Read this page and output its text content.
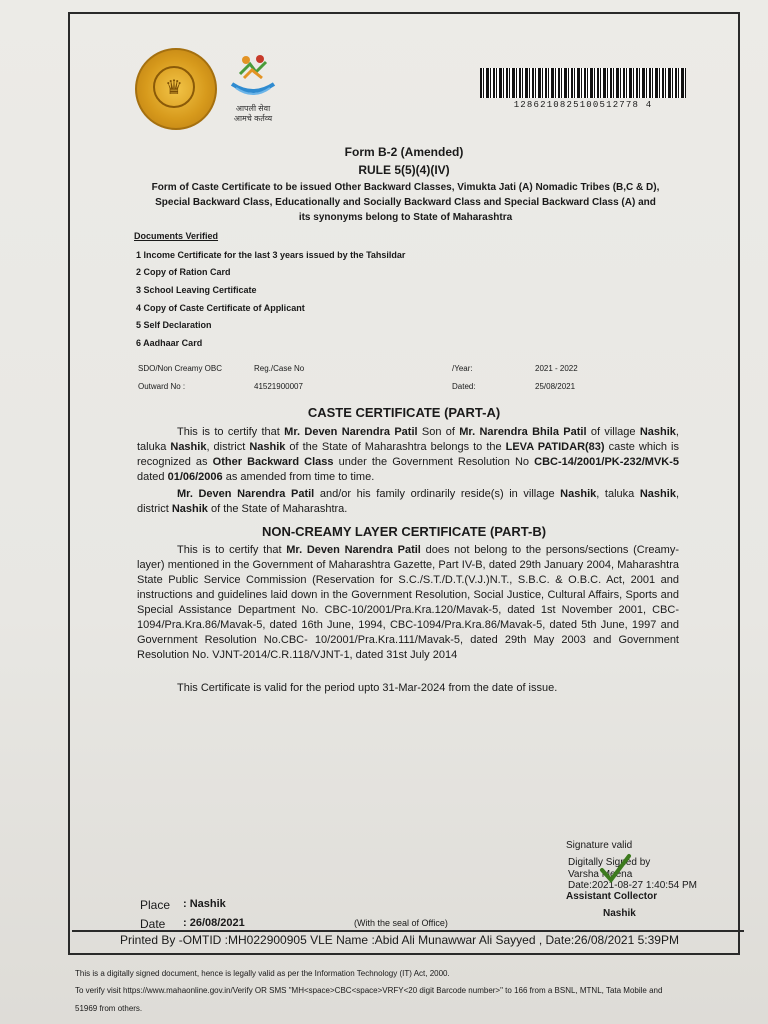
♛
आपली सेवा
आमचे कर्तव्य
1286210825100512778 4
Form B-2 (Amended)
RULE 5(5)(4)(IV)
Form of Caste Certificate to be issued Other Backward Classes, Vimukta Jati (A) Nomadic Tribes (B,C & D), Special Backward Class, Educationally and Socially Backward Class and Special Backward Class (A) and its synonyms belong to State of Maharashtra
Documents Verified
1 Income Certificate for the last 3 years issued by the Tahsildar
2 Copy of Ration Card
3 School Leaving Certificate
4 Copy of Caste Certificate of Applicant
5 Self Declaration
6 Aadhaar Card
SDO/Non Creamy OBC	Reg./Case No	/Year:	2021 - 2022
Outward No :	41521900007	Dated:	25/08/2021
CASTE CERTIFICATE (PART-A)
This is to certify that Mr. Deven Narendra Patil Son of Mr. Narendra Bhila Patil of village Nashik, taluka Nashik, district Nashik of the State of Maharashtra belongs to the LEVA PATIDAR(83) caste which is recognized as Other Backward Class under the Government Resolution No CBC-14/2001/PK-232/MVK-5 dated 01/06/2006 as amended from time to time.
Mr. Deven Narendra Patil and/or his family ordinarily reside(s) in village Nashik, taluka Nashik, district Nashik of the State of Maharashtra.
NON-CREAMY LAYER CERTIFICATE (PART-B)
This is to certify that Mr. Deven Narendra Patil does not belong to the persons/sections (Creamy-layer) mentioned in the Government of Maharashtra Gazette, Part IV-B, dated 29th January 2004, Maharashtra State Public Service Commission (Reservation for S.C./S.T./D.T.(V.J.)N.T., S.B.C. & O.B.C. Act, 2001 and instructions and guidelines laid down in the Government Resolution, Social Justice, Cultural Affairs, Sports and Special Assistance Department No. CBC-10/2001/Pra.Kra.120/Mavak-5, dated 1st November 2001, CBC-1094/Pra.Kra.86/Mavak-5, dated 16th June, 1994, CBC-1094/Pra.Kra.86/Mavak-5, dated 5th June, 1997 and Government Resolution No.CBC- 10/2001/Pra.Kra.111/Mavak-5, dated 29th May 2003 and Government Resolution No. VJNT-2014/C.R.118/VJNT-1, dated 31st July 2014
This Certificate is valid for the period upto 31-Mar-2024 from the date of issue.
Signature valid
Digitally Signed by
Varsha Meena
Date:2021-08-27 1:40:54 PM
Assistant Collector
Nashik
Place : Nashik
Date : 26/08/2021	(With the seal of Office)
Printed By -OMTID :MH022900905 VLE Name :Abid Ali Munawwar Ali Sayyed , Date:26/08/2021 5:39PM
This is a digitally signed document, hence is legally valid as per the Information Technology (IT) Act, 2000.
To verify visit https://www.mahaonline.gov.in/Verify OR SMS "MH<space>CBC<space>VRFY<20 digit Barcode number>" to 166 from a BSNL, MTNL, Tata Mobile and
51969 from others.
